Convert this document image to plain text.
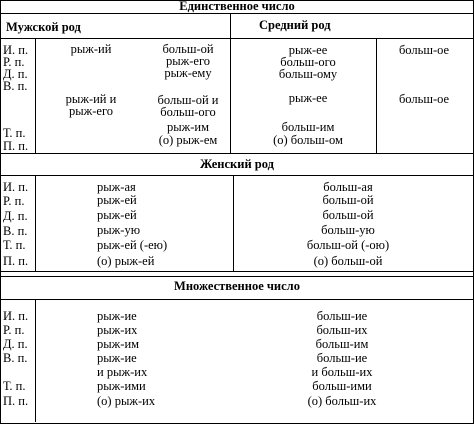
Единственное число
Мужской род	Средний род
Женский род
Множественное число
И. п.
Р. п.
Д. п.
В. п.
Т. п.
П. п.
рыж-ий
рыж-ий и
рыж-его
больш-ой
рыж-его
рыж-ему
больш-ой и
больш-ого
рыж-им
(о) рыж-ем
рыж-ее
больш-ого
больш-ому
рыж-ее
больш-им
(о) больш-ом
больш-ое
больш-ое
И. п.
Р. п.
Д. п.
В. п.
Т. п.
П. п.
рыж-ая
рыж-ей
рыж-ей
рыж-ую
рыж-ей (-ею)
(о) рыж-ей
больш-ая
больш-ой
больш-ой
больш-ую
больш-ой (-ою)
(о) больш-ой
И. п.
Р. п.
Д. п.
В. п.
Т. п.
П. п.
рыж-ие
рыж-их
рыж-им
рыж-ие
и рыж-их
рыж-ими
(о) рыж-их
больш-ие
больш-их
больш-им
больш-ие
и больш-их
больш-ими
(о) больш-их
